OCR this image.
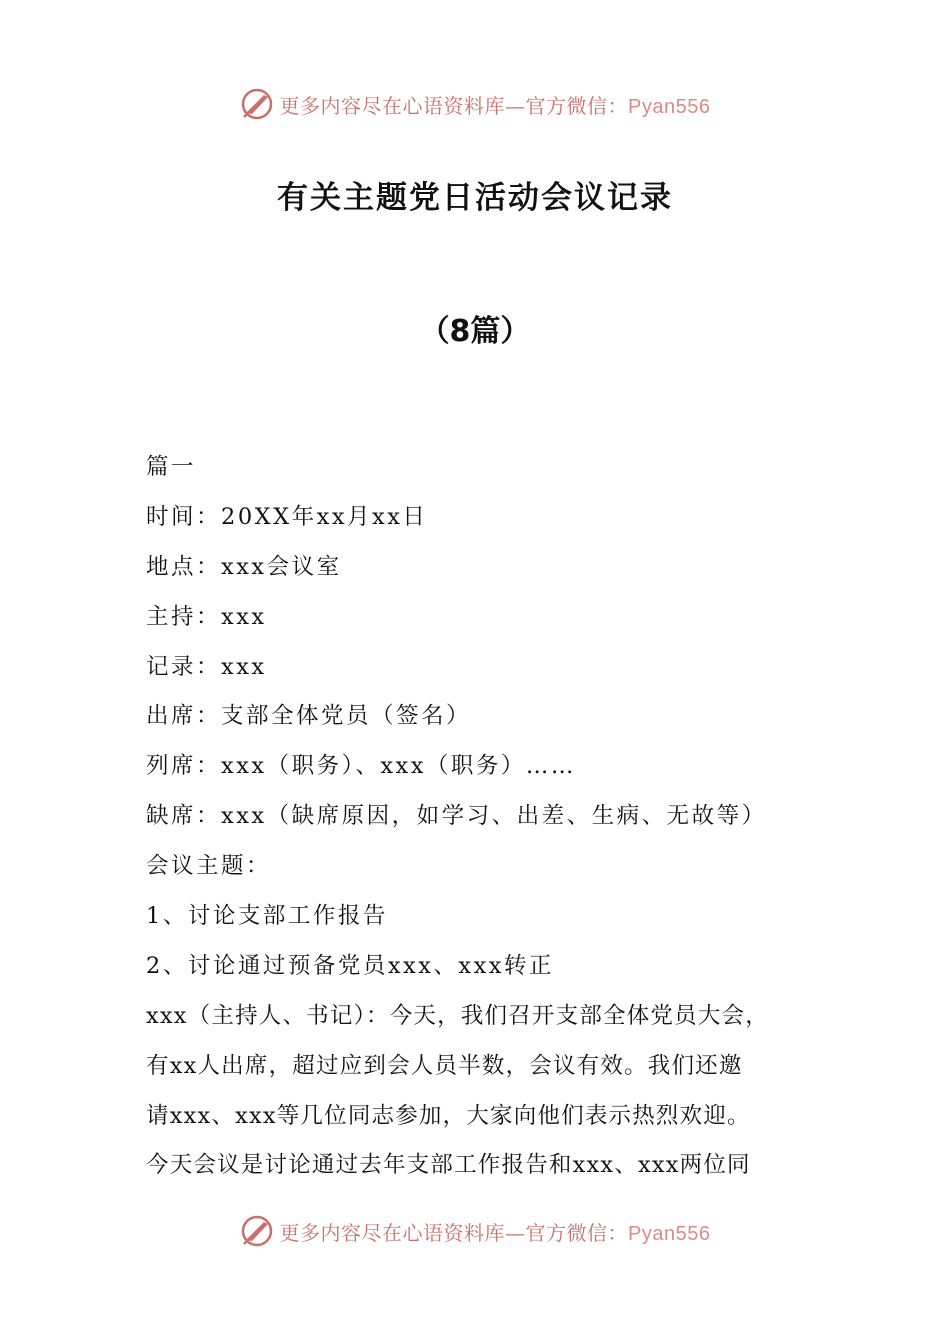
更多内容尽在心语资料库—官方微信：Pyan556
有关主题党日活动会议记录
（8篇）
篇一
时间：20XX年xx月xx日
地点：xxx会议室
主持：xxx
记录：xxx
出席：支部全体党员（签名）
列席：xxx（职务）、xxx（职务）……
缺席：xxx（缺席原因，如学习、出差、生病、无故等）
会议主题：
1、讨论支部工作报告
2、讨论通过预备党员xxx、xxx转正
xxx（主持人、书记）：今天，我们召开支部全体党员大会，
有xx人出席，超过应到会人员半数，会议有效。我们还邀
请xxx、xxx等几位同志参加，大家向他们表示热烈欢迎。
今天会议是讨论通过去年支部工作报告和xxx、xxx两位同
更多内容尽在心语资料库—官方微信：Pyan556
